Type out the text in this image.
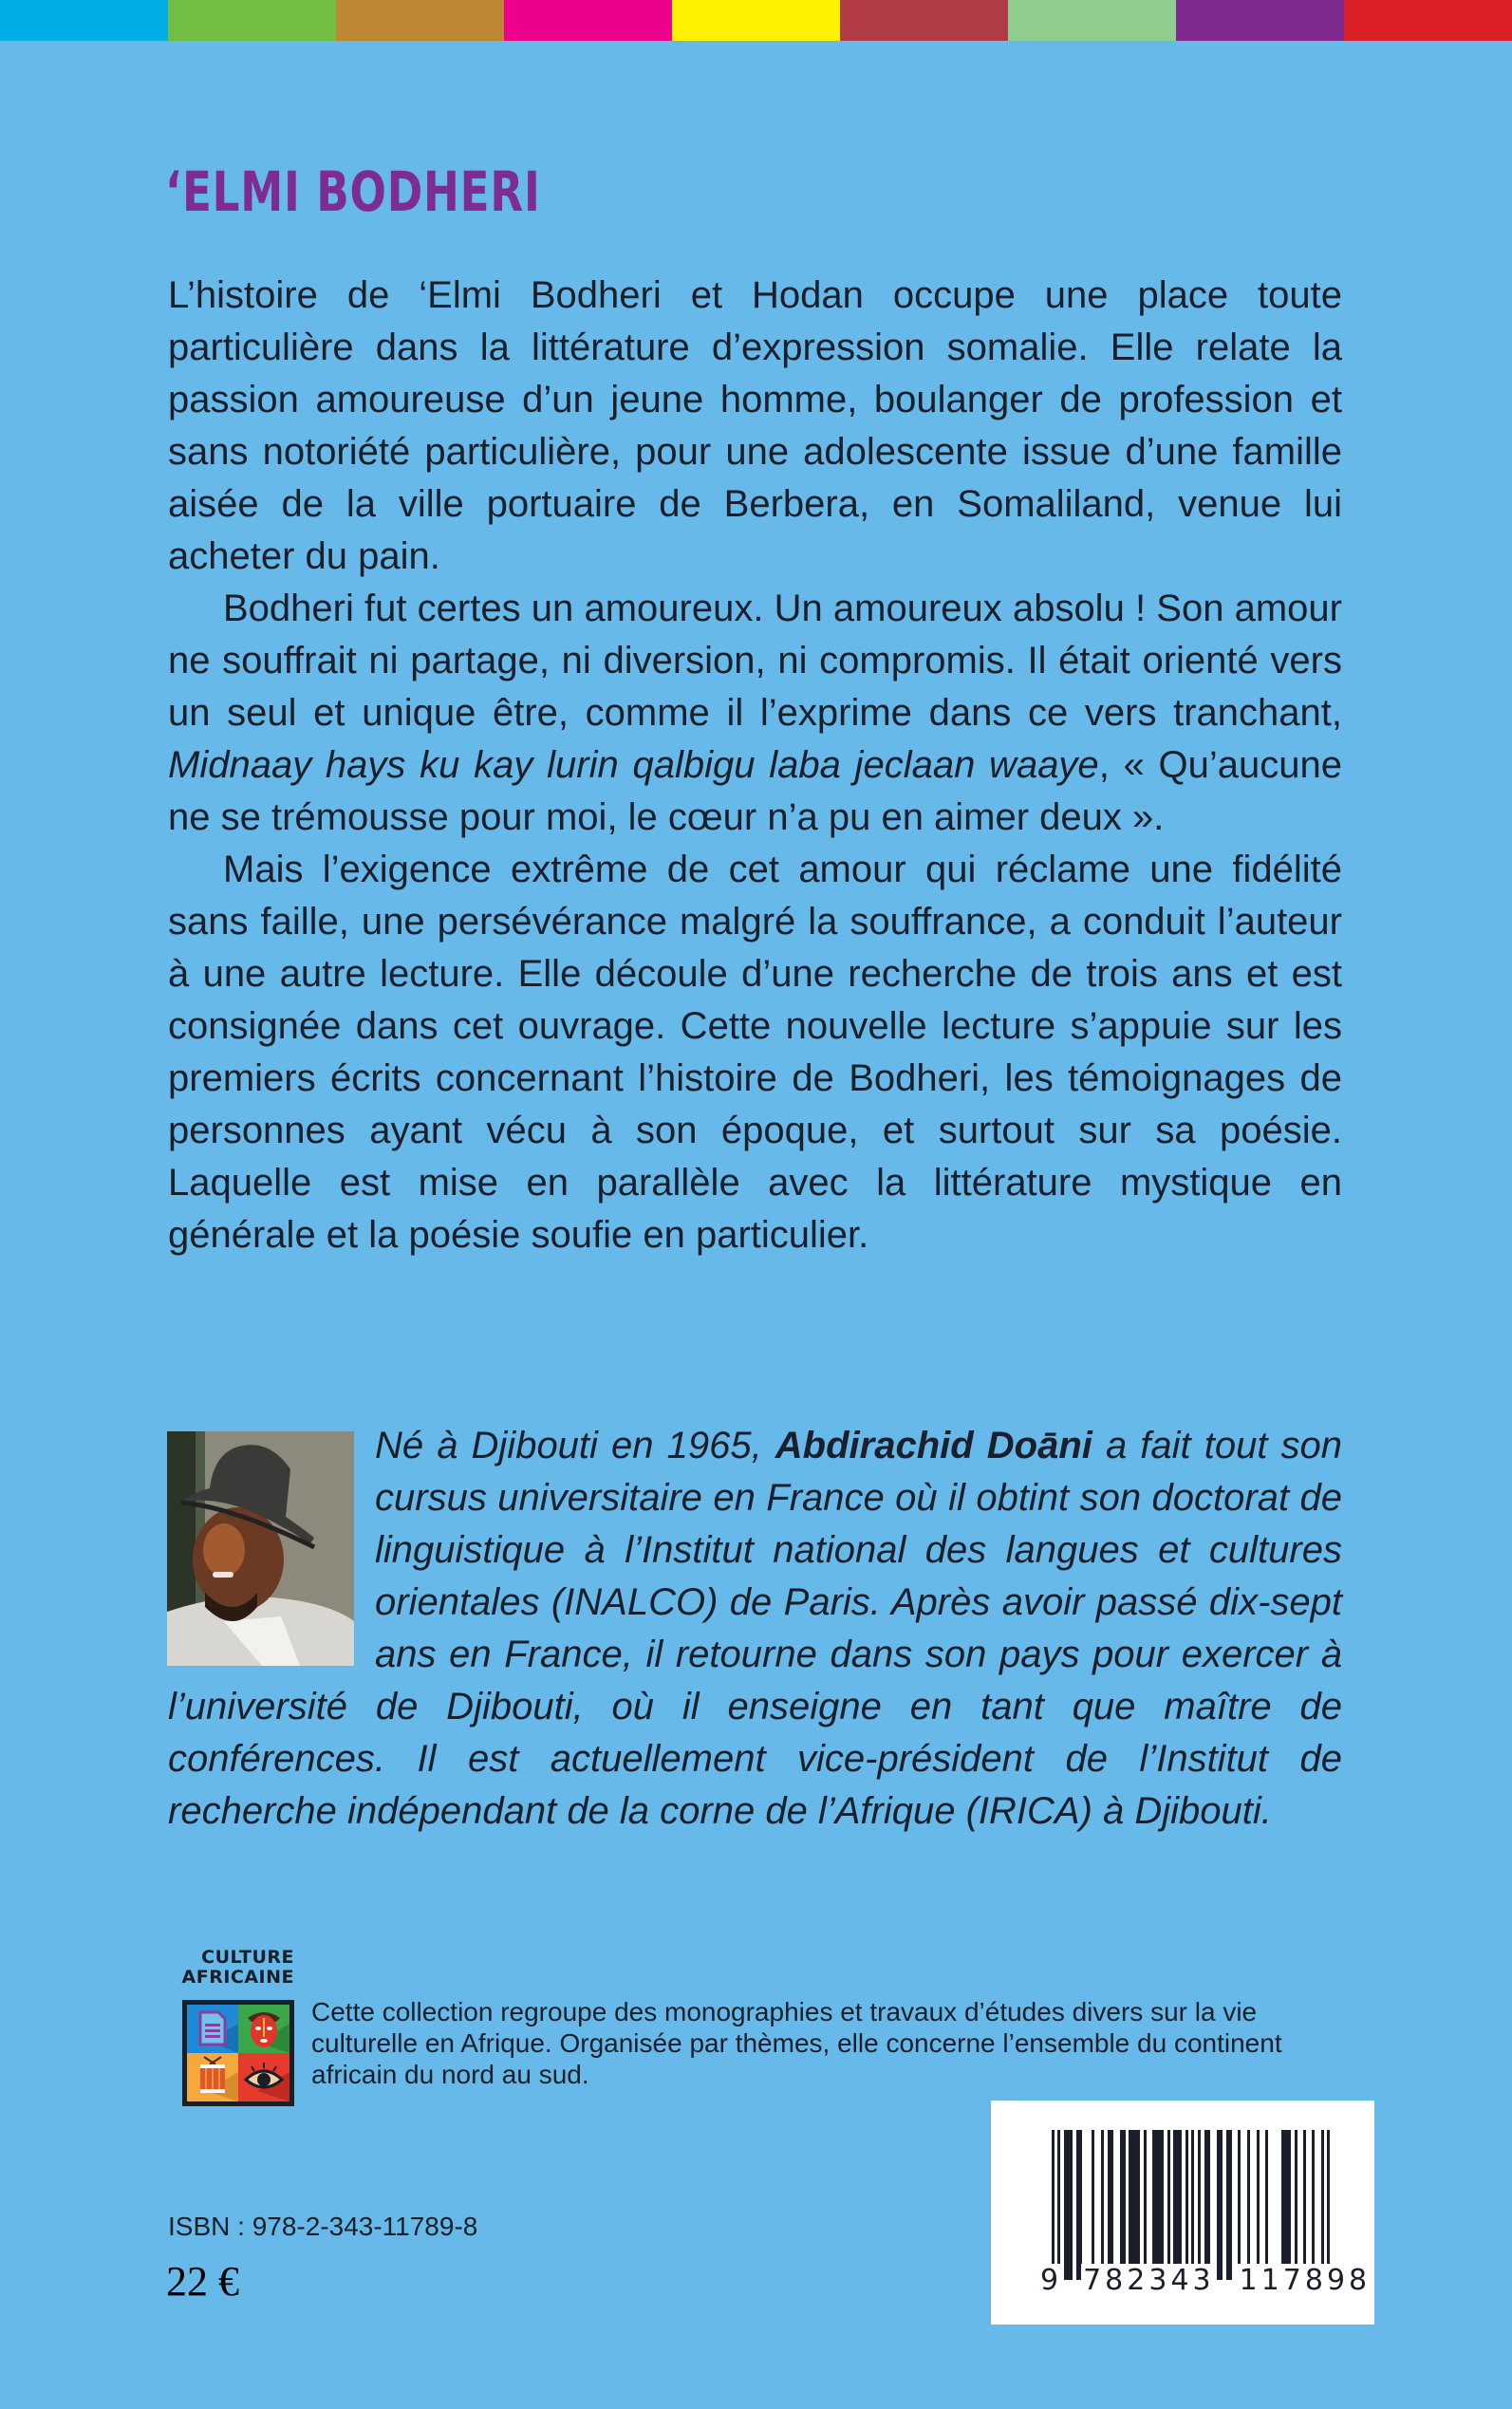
‘ELMI BODHERI

L’histoire de ‘Elmi Bodheri et Hodan occupe une place toute particulière dans la littérature d’expression somalie. Elle relate la passion amoureuse d’un jeune homme, boulanger de profession et sans notoriété particulière, pour une adolescente issue d’une famille aisée de la ville portuaire de Berbera, en Somaliland, venue lui acheter du pain.

Bodheri fut certes un amoureux. Un amoureux absolu ! Son amour ne souffrait ni partage, ni diversion, ni compromis. Il était orienté vers un seul et unique être, comme il l’exprime dans ce vers tranchant, Midnaay hays ku kay lurin qalbigu laba jeclaan waaye, « Qu’aucune ne se trémousse pour moi, le cœur n’a pu en aimer deux ».

Mais l’exigence extrême de cet amour qui réclame une fidélité sans faille, une persévérance malgré la souffrance, a conduit l’auteur à une autre lecture. Elle découle d’une recherche de trois ans et est consignée dans cet ouvrage. Cette nouvelle lecture s’appuie sur les premiers écrits concernant l’histoire de Bodheri, les témoignages de personnes ayant vécu à son époque, et surtout sur sa poésie. Laquelle est mise en parallèle avec la littérature mystique en générale et la poésie soufie en particulier.

Né à Djibouti en 1965, Abdirachid Doāni a fait tout son cursus universitaire en France où il obtint son doctorat de linguistique à l’Institut national des langues et cultures orientales (INALCO) de Paris. Après avoir passé dix-sept ans en France, il retourne dans son pays pour exercer à l’université de Djibouti, où il enseigne en tant que maître de conférences. Il est actuellement vice-président de l’Institut de recherche indépendant de la corne de l’Afrique (IRICA) à Djibouti.
CULTURE
AFRICAINE
Cette collection regroupe des monographies et travaux d’études divers sur la vie culturelle en Afrique. Organisée par thèmes, elle concerne l’ensemble du continent africain du nord au sud.
ISBN : 978-2-343-11789-8
22 €	9 782343 117898
